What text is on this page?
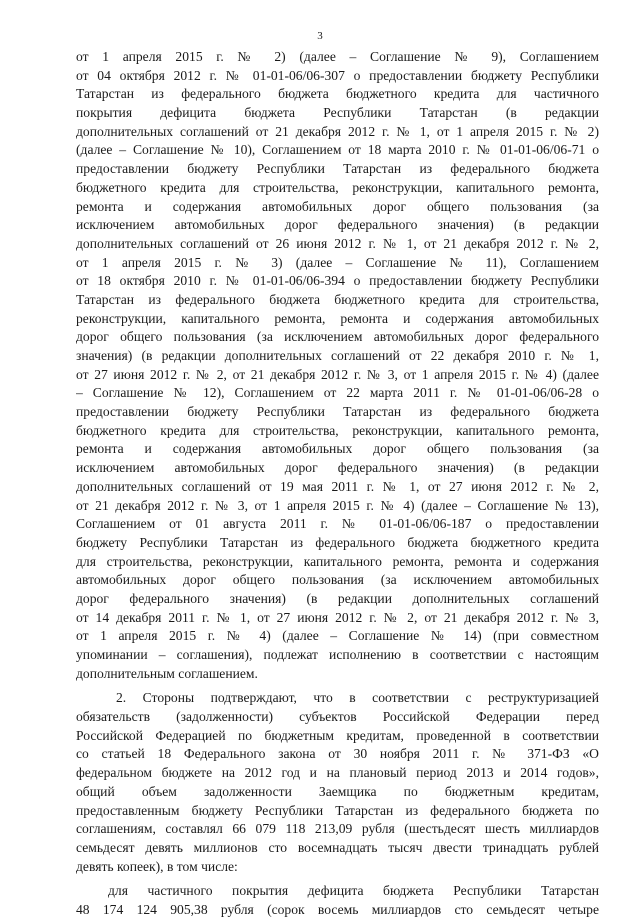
3
от 1 апреля 2015 г. № 2) (далее – Соглашение № 9), Соглашением
от 04 октября 2012 г. № 01-01-06/06-307 о предоставлении бюджету Республики
Татарстан из федерального бюджета бюджетного кредита для частичного
покрытия дефицита бюджета Республики Татарстан (в редакции
дополнительных соглашений от 21 декабря 2012 г. № 1, от 1 апреля 2015 г. № 2)
(далее – Соглашение № 10), Соглашением от 18 марта 2010 г. № 01-01-06/06-71 о
предоставлении бюджету Республики Татарстан из федерального бюджета
бюджетного кредита для строительства, реконструкции, капитального ремонта,
ремонта и содержания автомобильных дорог общего пользования (за
исключением автомобильных дорог федерального значения) (в редакции
дополнительных соглашений от 26 июня 2012 г. № 1, от 21 декабря 2012 г. № 2,
от 1 апреля 2015 г. № 3) (далее – Соглашение № 11), Соглашением
от 18 октября 2010 г. № 01-01-06/06-394 о предоставлении бюджету Республики
Татарстан из федерального бюджета бюджетного кредита для строительства,
реконструкции, капитального ремонта, ремонта и содержания автомобильных
дорог общего пользования (за исключением автомобильных дорог федерального
значения) (в редакции дополнительных соглашений от 22 декабря 2010 г. № 1,
от 27 июня 2012 г. № 2, от 21 декабря 2012 г. № 3, от 1 апреля 2015 г. № 4) (далее
– Соглашение № 12), Соглашением от 22 марта 2011 г. № 01-01-06/06-28 о
предоставлении бюджету Республики Татарстан из федерального бюджета
бюджетного кредита для строительства, реконструкции, капитального ремонта,
ремонта и содержания автомобильных дорог общего пользования (за
исключением автомобильных дорог федерального значения) (в редакции
дополнительных соглашений от 19 мая 2011 г. № 1, от 27 июня 2012 г. № 2,
от 21 декабря 2012 г. № 3, от 1 апреля 2015 г. № 4) (далее – Соглашение № 13),
Соглашением от 01 августа 2011 г. № 01-01-06/06-187 о предоставлении
бюджету Республики Татарстан из федерального бюджета бюджетного кредита
для строительства, реконструкции, капитального ремонта, ремонта и содержания
автомобильных дорог общего пользования (за исключением автомобильных
дорог федерального значения) (в редакции дополнительных соглашений
от 14 декабря 2011 г. № 1, от 27 июня 2012 г. № 2, от 21 декабря 2012 г. № 3,
от 1 апреля 2015 г. № 4) (далее – Соглашение № 14) (при совместном
упоминании – соглашения), подлежат исполнению в соответствии с настоящим
дополнительным соглашением.
2. Стороны подтверждают, что в соответствии с реструктуризацией
обязательств (задолженности) субъектов Российской Федерации перед
Российской Федерацией по бюджетным кредитам, проведенной в соответствии
со статьей 18 Федерального закона от 30 ноября 2011 г. № 371-ФЗ «О
федеральном бюджете на 2012 год и на плановый период 2013 и 2014 годов»,
общий объем задолженности Заемщика по бюджетным кредитам,
предоставленным бюджету Республики Татарстан из федерального бюджета по
соглашениям, составлял 66 079 118 213,09 рубля (шестьдесят шесть миллиардов
семьдесят девять миллионов сто восемнадцать тысяч двести тринадцать рублей
девять копеек), в том числе:
для частичного покрытия дефицита бюджета Республики Татарстан
48 174 124 905,38 рубля (сорок восемь миллиардов сто семьдесят четыре
